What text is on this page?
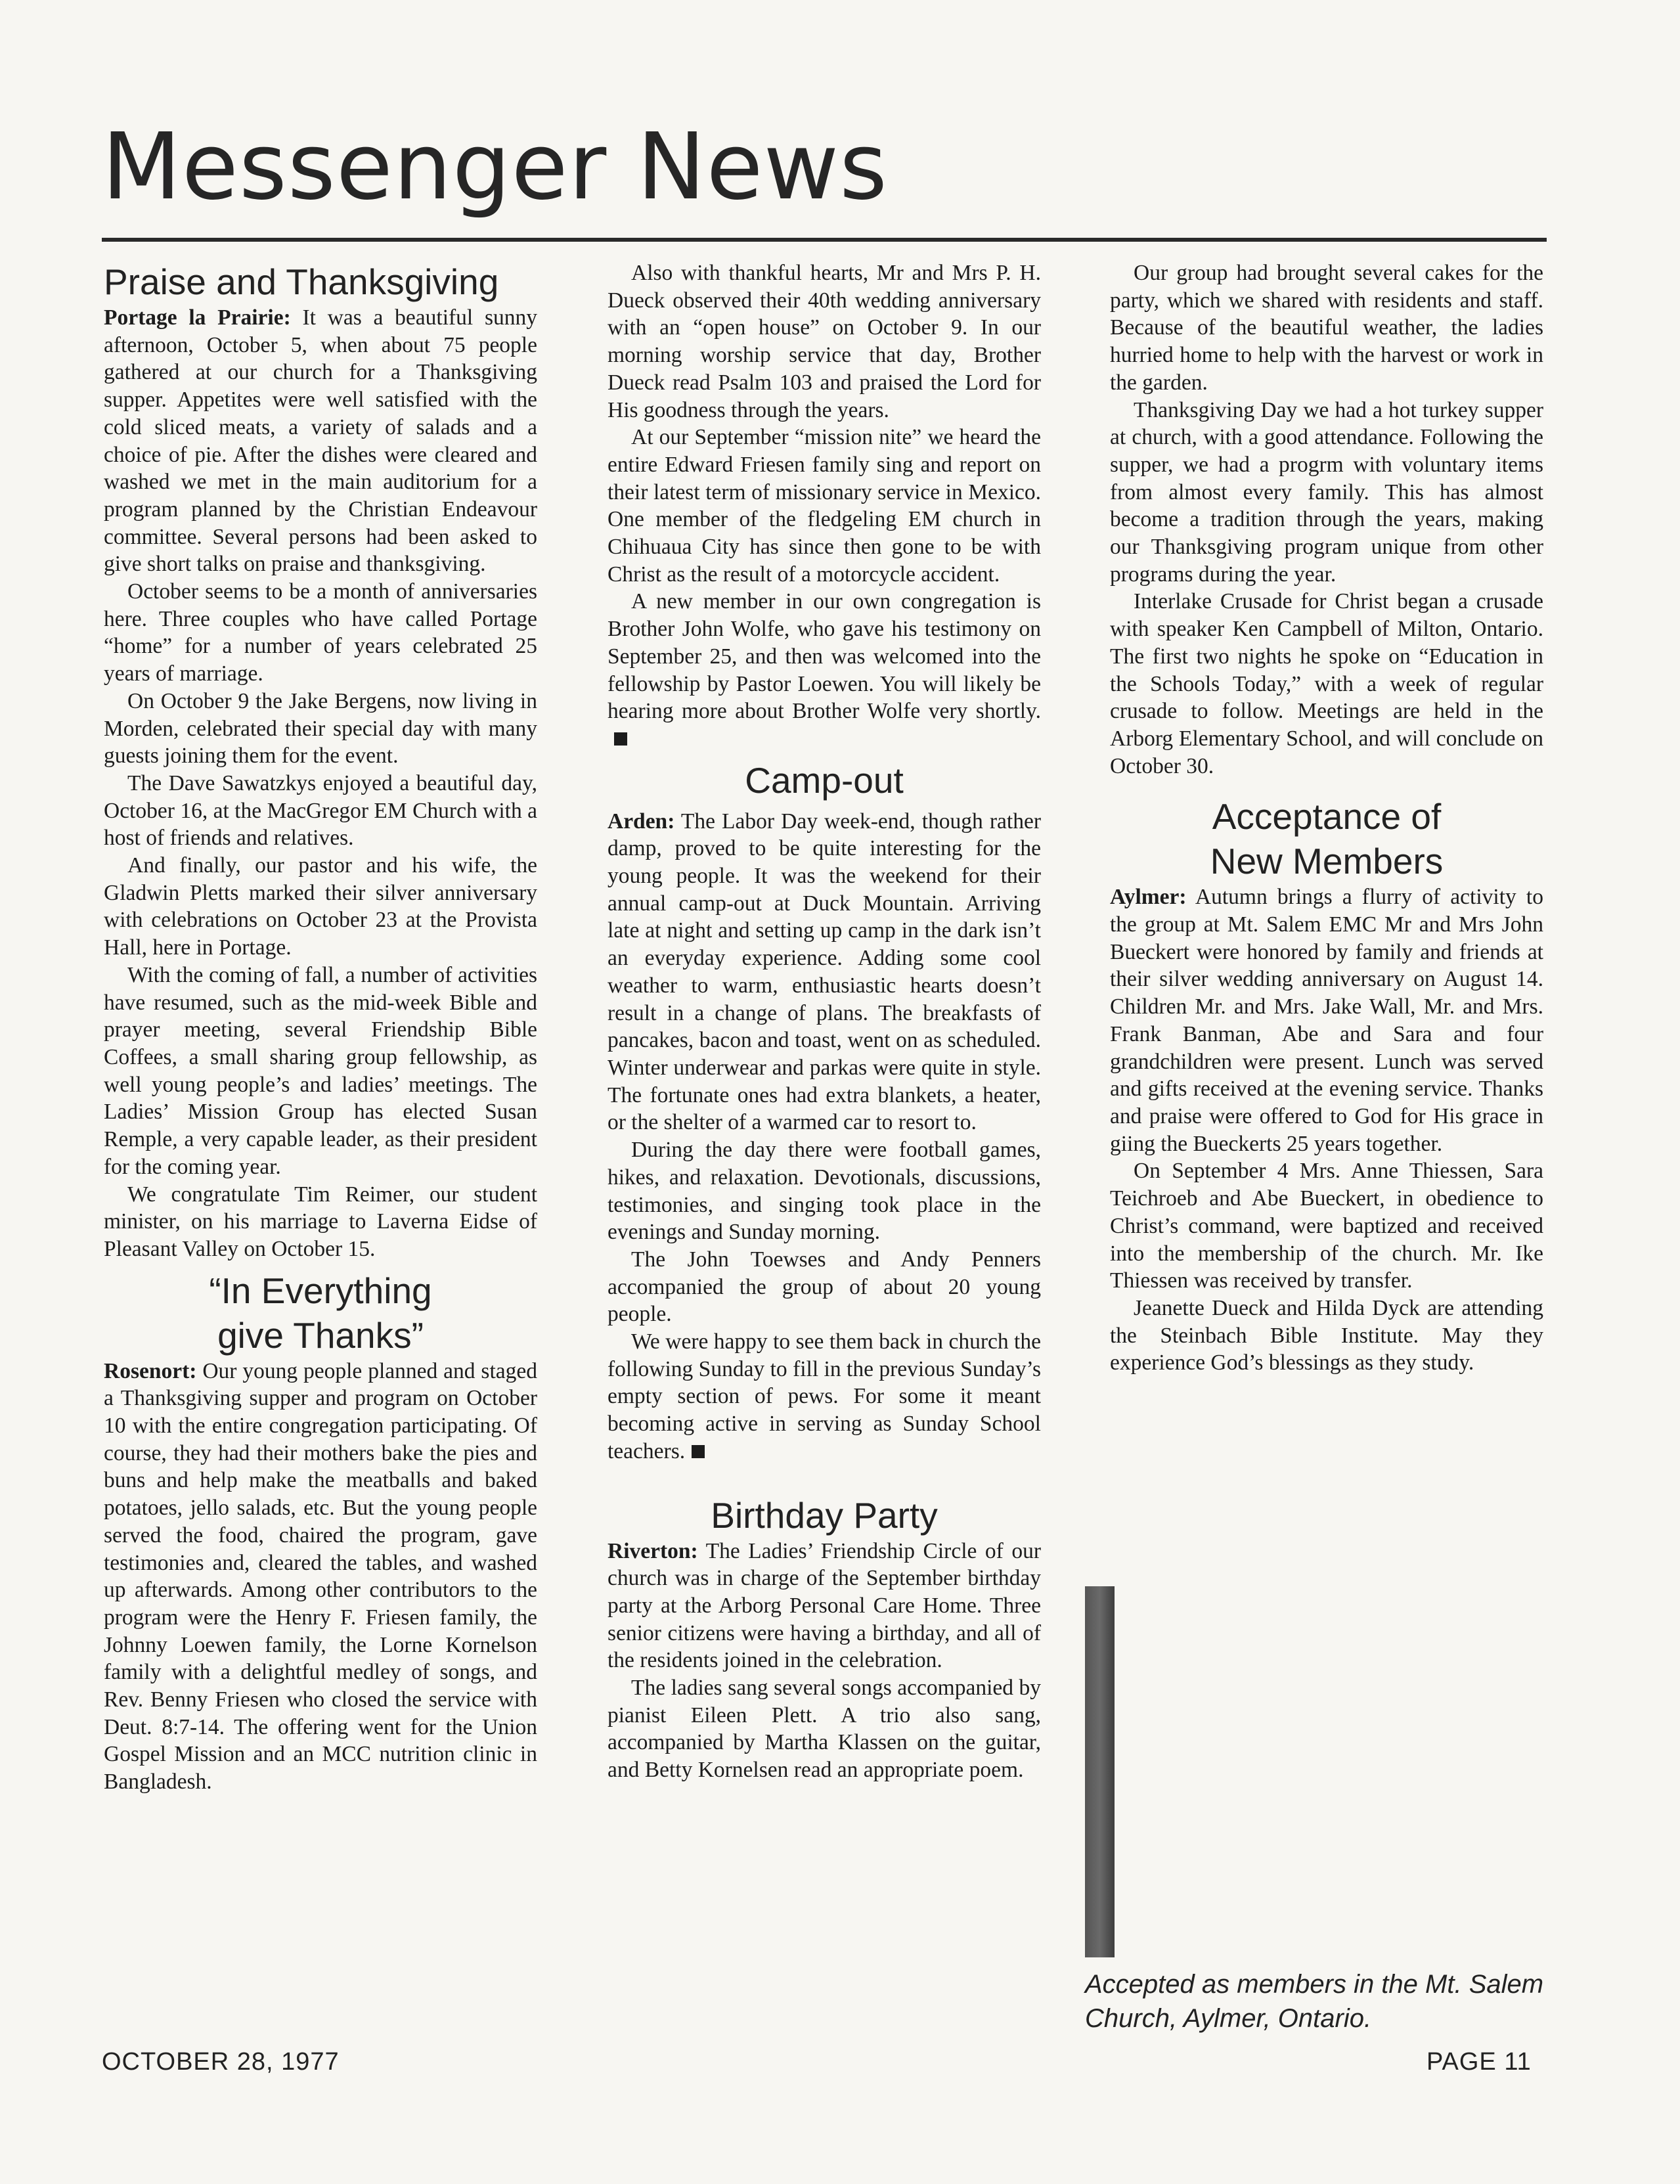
Messenger News
Praise and Thanksgiving

Portage la Prairie: It was a beautiful sunny afternoon, October 5, when about 75 people gathered at our church for a Thanksgiving supper. Appetites were well satisfied with the cold sliced meats, a variety of salads and a choice of pie. After the dishes were cleared and washed we met in the main auditorium for a program planned by the Christian Endeavour committee. Several persons had been asked to give short talks on praise and thanksgiving.

October seems to be a month of anniversaries here. Three couples who have called Portage “home” for a number of years celebrated 25 years of marriage.

On October 9 the Jake Bergens, now living in Morden, celebrated their special day with many guests joining them for the event.

The Dave Sawatzkys enjoyed a beautiful day, October 16, at the MacGregor EM Church with a host of friends and relatives.

And finally, our pastor and his wife, the Gladwin Pletts marked their silver anniversary with celebrations on October 23 at the Provista Hall, here in Portage.

With the coming of fall, a number of activities have resumed, such as the mid-week Bible and prayer meeting, several Friendship Bible Coffees, a small sharing group fellowship, as well young people’s and ladies’ meetings. The Ladies’ Mission Group has elected Susan Remple, a very capable leader, as their president for the coming year.

We congratulate Tim Reimer, our student minister, on his marriage to Laverna Eidse of Pleasant Valley on October 15.

“In Everything
give Thanks”

Rosenort: Our young people planned and staged a Thanksgiving supper and program on October 10 with the entire congregation participating. Of course, they had their mothers bake the pies and buns and help make the meatballs and baked potatoes, jello salads, etc. But the young people served the food, chaired the program, gave testimonies and, cleared the tables, and washed up afterwards. Among other contributors to the program were the Henry F. Friesen family, the Johnny Loewen family, the Lorne Kornelson family with a delightful medley of songs, and Rev. Benny Friesen who closed the service with Deut. 8:7-14. The offering went for the Union Gospel Mission and an MCC nutrition clinic in Bangladesh.

Also with thankful hearts, Mr and Mrs P. H. Dueck observed their 40th wedding anniversary with an “open house” on October 9. In our morning worship service that day, Brother Dueck read Psalm 103 and praised the Lord for His goodness through the years.

At our September “mission nite” we heard the entire Edward Friesen family sing and report on their latest term of missionary service in Mexico. One member of the fledgeling EM church in Chihuaua City has since then gone to be with Christ as the result of a motorcycle accident.

A new member in our own congregation is Brother John Wolfe, who gave his testimony on September 25, and then was welcomed into the fellowship by Pastor Loewen. You will likely be hearing more about Brother Wolfe very shortly.

Camp-out

Arden: The Labor Day week-end, though rather damp, proved to be quite interesting for the young people. It was the weekend for their annual camp-out at Duck Mountain. Arriving late at night and setting up camp in the dark isn’t an everyday experience. Adding some cool weather to warm, enthusiastic hearts doesn’t result in a change of plans. The breakfasts of pancakes, bacon and toast, went on as scheduled. Winter underwear and parkas were quite in style. The fortunate ones had extra blankets, a heater, or the shelter of a warmed car to resort to.

During the day there were football games, hikes, and relaxation. Devotionals, discussions, testimonies, and singing took place in the evenings and Sunday morning.

The John Toewses and Andy Penners accompanied the group of about 20 young people.

We were happy to see them back in church the following Sunday to fill in the previous Sunday’s empty section of pews. For some it meant becoming active in serving as Sunday School teachers.

Birthday Party

Riverton: The Ladies’ Friendship Circle of our church was in charge of the September birthday party at the Arborg Personal Care Home. Three senior citizens were having a birthday, and all of the residents joined in the celebration.

The ladies sang several songs accompanied by pianist Eileen Plett. A trio also sang, accompanied by Martha Klassen on the guitar, and Betty Kornelsen read an appropriate poem.

Our group had brought several cakes for the party, which we shared with residents and staff. Because of the beautiful weather, the ladies hurried home to help with the harvest or work in the garden.

Thanksgiving Day we had a hot turkey supper at church, with a good attendance. Following the supper, we had a progrm with voluntary items from almost every family. This has almost become a tradition through the years, making our Thanksgiving program unique from other programs during the year.

Interlake Crusade for Christ began a crusade with speaker Ken Campbell of Milton, Ontario. The first two nights he spoke on “Education in the Schools Today,” with a week of regular crusade to follow. Meetings are held in the Arborg Elementary School, and will conclude on October 30.

Acceptance of
New Members

Aylmer: Autumn brings a flurry of activity to the group at Mt. Salem EMC Mr and Mrs John Bueckert were honored by family and friends at their silver wedding anniversary on August 14. Children Mr. and Mrs. Jake Wall, Mr. and Mrs. Frank Banman, Abe and Sara and four grandchildren were present. Lunch was served and gifts received at the evening service. Thanks and praise were offered to God for His grace in giing the Bueckerts 25 years together.

On September 4 Mrs. Anne Thiessen, Sara Teichroeb and Abe Bueckert, in obedience to Christ’s command, were baptized and received into the membership of the church. Mr. Ike Thiessen was received by transfer.

Jeanette Dueck and Hilda Dyck are attending the Steinbach Bible Institute. May they experience God’s blessings as they study.

Accepted as members in the Mt. Salem Church, Aylmer, Ontario.
OCTOBER 28, 1977	PAGE 11
